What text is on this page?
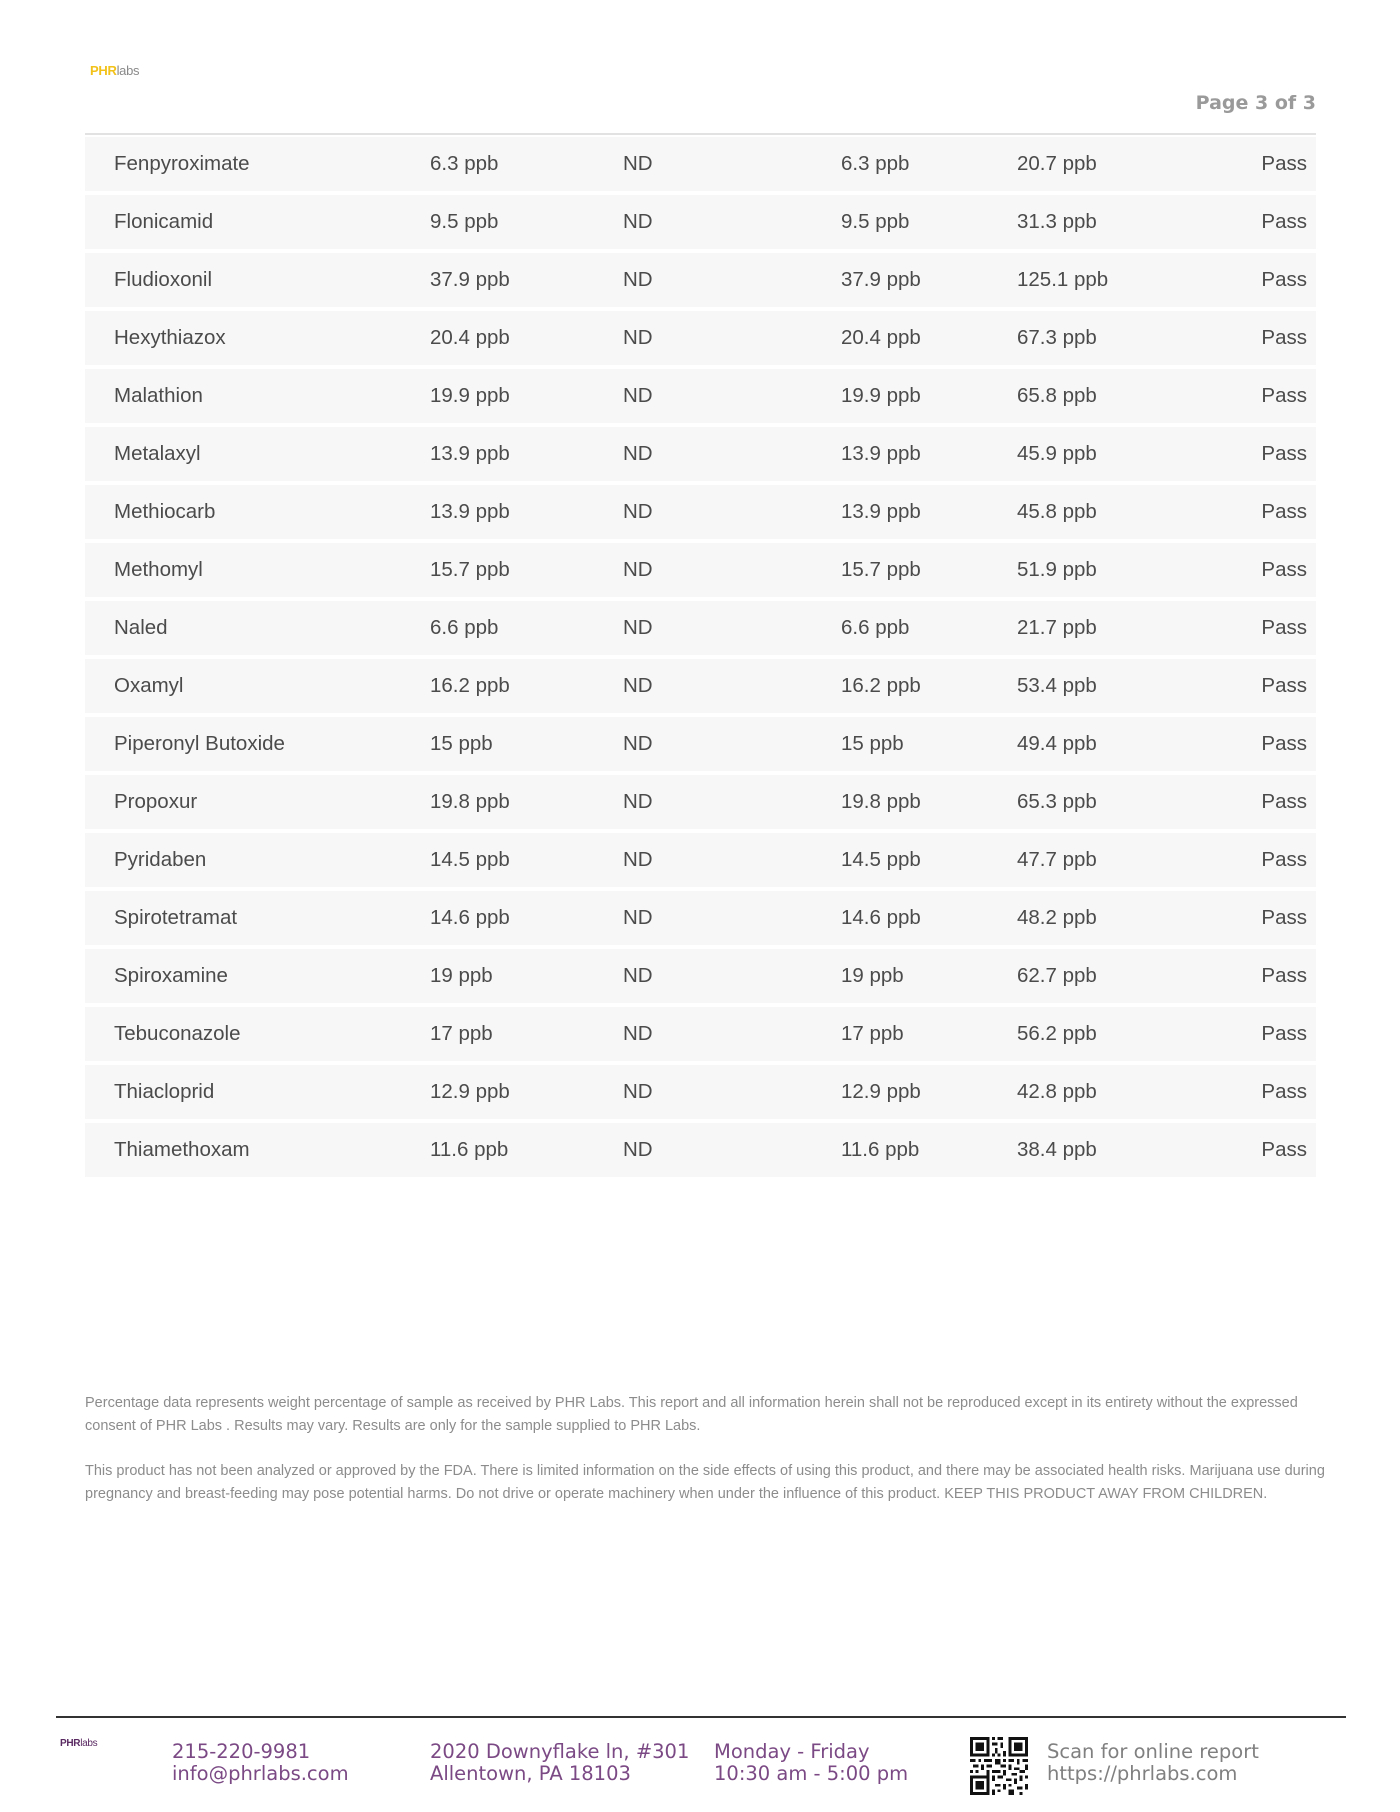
PHRlabs
Page 3 of 3
Fenpyroximate	6.3 ppb	ND	6.3 ppb	20.7 ppb	Pass
Flonicamid	9.5 ppb	ND	9.5 ppb	31.3 ppb	Pass
Fludioxonil	37.9 ppb	ND	37.9 ppb	125.1 ppb	Pass
Hexythiazox	20.4 ppb	ND	20.4 ppb	67.3 ppb	Pass
Malathion	19.9 ppb	ND	19.9 ppb	65.8 ppb	Pass
Metalaxyl	13.9 ppb	ND	13.9 ppb	45.9 ppb	Pass
Methiocarb	13.9 ppb	ND	13.9 ppb	45.8 ppb	Pass
Methomyl	15.7 ppb	ND	15.7 ppb	51.9 ppb	Pass
Naled	6.6 ppb	ND	6.6 ppb	21.7 ppb	Pass
Oxamyl	16.2 ppb	ND	16.2 ppb	53.4 ppb	Pass
Piperonyl Butoxide	15 ppb	ND	15 ppb	49.4 ppb	Pass
Propoxur	19.8 ppb	ND	19.8 ppb	65.3 ppb	Pass
Pyridaben	14.5 ppb	ND	14.5 ppb	47.7 ppb	Pass
Spirotetramat	14.6 ppb	ND	14.6 ppb	48.2 ppb	Pass
Spiroxamine	19 ppb	ND	19 ppb	62.7 ppb	Pass
Tebuconazole	17 ppb	ND	17 ppb	56.2 ppb	Pass
Thiacloprid	12.9 ppb	ND	12.9 ppb	42.8 ppb	Pass
Thiamethoxam	11.6 ppb	ND	11.6 ppb	38.4 ppb	Pass

Percentage data represents weight percentage of sample as received by PHR Labs. This report and all information herein shall not be reproduced except in its entirety without the expressed consent of PHR Labs . Results may vary. Results are only for the sample supplied to PHR Labs.

This product has not been analyzed or approved by the FDA. There is limited information on the side effects of using this product, and there may be associated health risks. Marijuana use during pregnancy and breast-feeding may pose potential harms. Do not drive or operate machinery when under the influence of this product. KEEP THIS PRODUCT AWAY FROM CHILDREN.

PHRlabs	215-220-9981
info@phrlabs.com
2020 Downyflake ln, #301
Allentown, PA 18103
Monday - Friday
10:30 am - 5:00 pm
Scan for online report
https://phrlabs.com
